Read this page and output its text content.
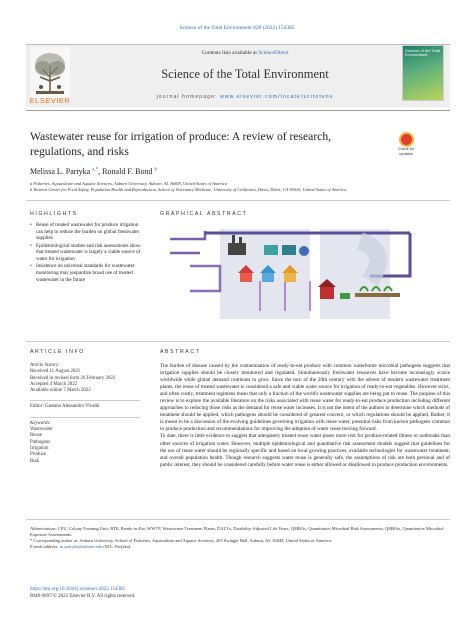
Science of the Total Environment 828 (2022) 154385
ELSEVIER
Contents lists available at ScienceDirect
Science of the Total Environment
journal homepage: www.elsevier.com/locate/scitotenv
Science of the Total Environment
Wastewater reuse for irrigation of produce: A review of research,
regulations, and risks	Check for updates
Melissa L. Partyka $^{a,*}$, Ronald F. Bond $^b$
a Fisheries, Aquaculture and Aquatic Sciences, Auburn University, Auburn, AL 36849, United States of America
b Western Center for Food Safety, Population Health and Reproduction, School of Veterinary Medicine, University of California, Davis, Davis, CA 95616, United States of America
HIGHLIGHTS	GRAPHICAL ABSTRACT
• Reuse of treated wastewater for produce irrigation can help to reduce the burden on global freshwater supplies
• Epidemiological studies and risk assessments show that treated wastewater is largely a viable source of water for irrigation
• Insistence on universal standards for wastewater monitoring may jeopardize broad use of treated wastewater in the future
ARTICLE INFO	ABSTRACT
Article history:
Received 11 August 2021
Received in revised form 26 February 2022
Accepted 4 March 2022
Available online 7 March 2022
Editor: Gaetano Alessandro Vivaldi
Keywords:
Wastewater
Reuse
Pathogens
Irrigation
Produce
Risk
The burden of disease caused by the contamination of ready-to-eat produce with common waterborne microbial pathogens suggests that irrigation supplies should be closely monitored and regulated. Simultaneously freshwater resources have become increasingly scarce worldwide while global demand continues to grow. Since the turn of the 20th century with the advent of modern wastewater treatment plants, the reuse of treated wastewater is considered a safe and viable water source for irrigation of ready-to-eat vegetables. However strict, and often costly, treatment regimens mean that only a fraction of the world's wastewater supplies are being put to reuse. The purpose of this review is to explore the available literature on the risks associated with reuse water for ready-to-eat produce production including different approaches to reducing those risks as the demand for reuse water increases. It is not the intent of the authors to determine which methods of treatment should be applied, which pathogens should be considered of greatest concern, or which regulations should be applied. Rather, it is meant to be a discussion of the evolving guidelines governing irrigation with reuse water, potential risks from known pathogens common to produce production and recommendations for improving the adoption of water reuse moving forward.
To date, there is little evidence to suggest that adequately treated reuse water poses more risk for produce-related illness or outbreaks than other sources of irrigation water. However, multiple epidemiological and quantitative risk assessment models suggest that guidelines for the use of reuse water should be regionally specific and based on local growing practices, available technologies for wastewater treatment, and overall population health. Though research suggests water reuse is generally safe, the assumptions of risk are both personal and of public interest, they should be considered carefully before water reuse is either allowed or disallowed in produce production environments.
Abbreviations: CFU, Colony Forming Unit; RTE, Ready-to-Eat; WWTP, Wastewater Treatment Plants; DALYs, Disability-Adjusted Life Years; QMRAs, Quantitative Microbial Risk Assessments; QMRAs, Quantitative Microbial Exposure Assessments.
* Corresponding author at: Auburn University, School of Fisheries, Aquaculture and Aquatic Sciences, 203 Swingle Hall, Auburn, AL 36849, United States of America.
E-mail address: m.partyka@auburn.edu (M.L. Partyka).
https://doi.org/10.1016/j.scitotenv.2022.154385
0048-9697/© 2022 Elsevier B.V. All rights reserved.
